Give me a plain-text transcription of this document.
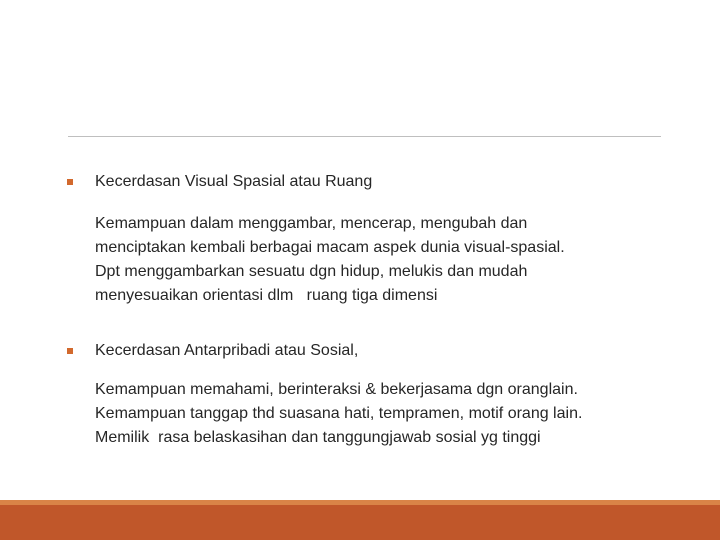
Kecerdasan Visual Spasial atau Ruang
Kemampuan dalam menggambar, mencerap, mengubah dan
menciptakan kembali berbagai macam aspek dunia visual-spasial.
Dpt menggambarkan sesuatu dgn hidup, melukis dan mudah
menyesuaikan orientasi dlm   ruang tiga dimensi
Kecerdasan Antarpribadi atau Sosial,
Kemampuan memahami, berinteraksi & bekerjasama dgn oranglain.
Kemampuan tanggap thd suasana hati, tempramen, motif orang lain.
Memilik  rasa belaskasihan dan tanggungjawab sosial yg tinggi
